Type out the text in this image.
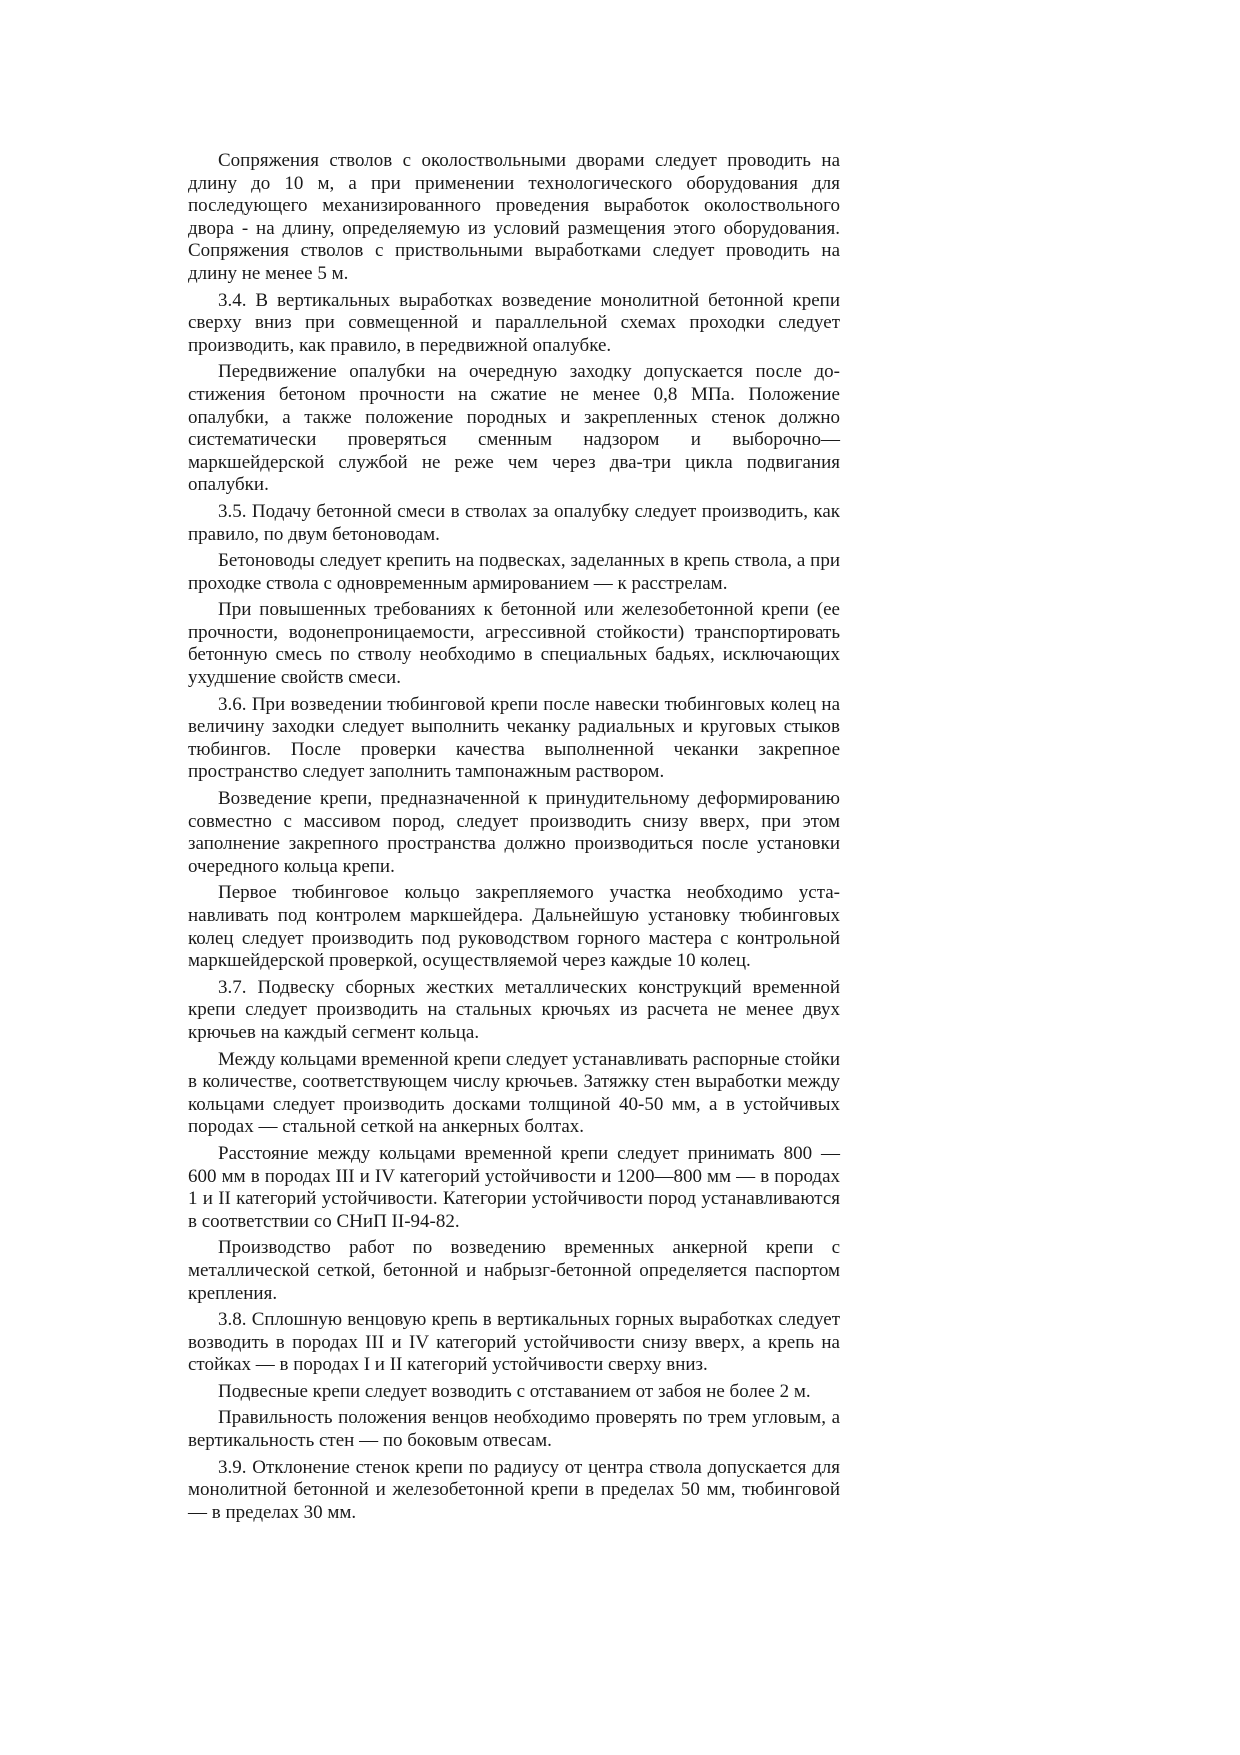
Сопряжения стволов с околоствольными дворами следует проводить на длину до 10 м, а при применении технологического оборудования для последующего механизированного проведения выработок околоствольного двора - на длину, определяемую из условий размещения этого оборудования. Сопряжения стволов с приствольными выработками следует проводить на длину не менее 5 м.

3.4. В вертикальных выработках возведение монолитной бетонной крепи сверху вниз при совмещенной и параллельной схемах проходки следует производить, как правило, в передвижной опалубке.

Передвижение опалубки на очередную заходку допускается после достижения бетоном прочности на сжатие не менее 0,8 МПа. Положение опалубки, а также положение породных и закрепленных стенок должно систематически проверяться сменным надзором и выборочно— маркшейдерской службой не реже чем через два-три цикла подвигания опалубки.

3.5. Подачу бетонной смеси в стволах за опалубку следует производить, как правило, по двум бетоноводам.

Бетоноводы следует крепить на подвесках, заделанных в крепь ствола, а при проходке ствола с одновременным армированием — к расстрелам.

При повышенных требованиях к бетонной или железобетонной крепи (ее прочности, водонепроницаемости, агрессивной стойкости) транспортировать бетонную смесь по стволу необходимо в специальных бадьях, исключающих ухудшение свойств смеси.

3.6. При возведении тюбинговой крепи после навески тюбинговых колец на величину заходки следует выполнить чеканку радиальных и круговых стыков тюбингов. После проверки качества выполненной чеканки закрепное пространство следует заполнить тампонажным раствором.

Возведение крепи, предназначенной к принудительному деформированию совместно с массивом пород, следует производить снизу вверх, при этом заполнение закрепного пространства должно производиться после установки очередного кольца крепи.

Первое тюбинговое кольцо закрепляемого участка необходимо устанавливать под контролем маркшейдера. Дальнейшую установку тюбинговых колец следует производить под руководством горного мастера с контрольной маркшейдерской проверкой, осуществляемой через каждые 10 колец.

3.7. Подвеску сборных жестких металлических конструкций временной крепи следует производить на стальных крючьях из расчета не менее двух крючьев на каждый сегмент кольца.

Между кольцами временной крепи следует устанавливать распорные стойки в количестве, соответствующем числу крючьев. Затяжку стен выработки между кольцами следует производить досками толщиной 40-50 мм, а в устойчивых породах — стальной сеткой на анкерных болтах.

Расстояние между кольцами временной крепи следует принимать 800 — 600 мм в породах III и IV категорий устойчивости и 1200—800 мм — в породах 1 и II категорий устойчивости. Категории устойчивости пород устанавливаются в соответствии со СНиП II-94-82.

Производство работ по возведению временных анкерной крепи с металлической сеткой, бетонной и набрызг-бетонной определяется паспортом крепления.

3.8. Сплошную венцовую крепь в вертикальных горных выработках следует возводить в породах III и IV категорий устойчивости снизу вверх, а крепь на стойках — в породах I и II категорий устойчивости сверху вниз.

Подвесные крепи следует возводить с отставанием от забоя не более 2 м.

Правильность положения венцов необходимо проверять по трем угловым, а вертикальность стен — по боковым отвесам.

3.9. Отклонение стенок крепи по радиусу от центра ствола допускается для монолитной бетонной и железобетонной крепи в пределах 50 мм, тюбинговой — в пределах 30 мм.
